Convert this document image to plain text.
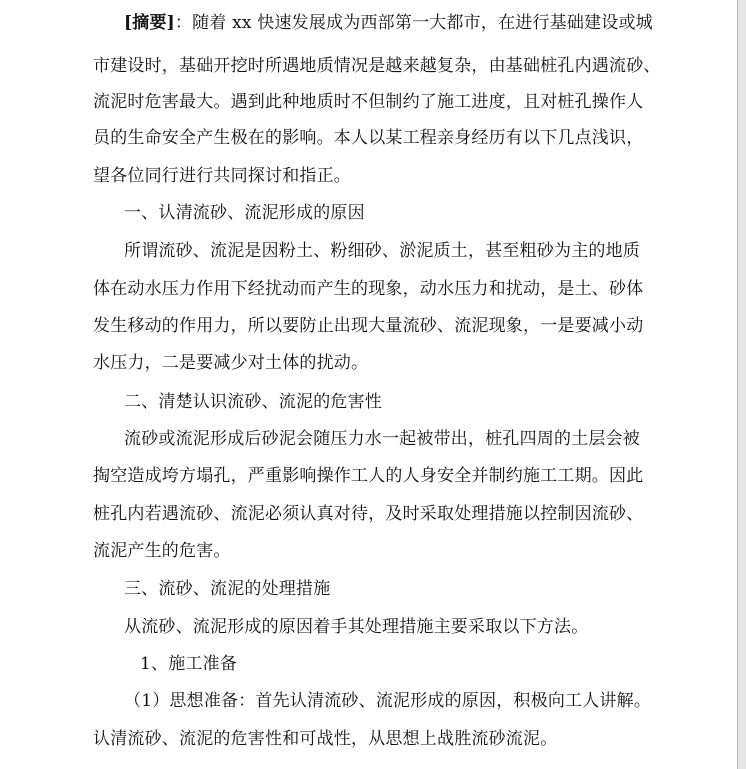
[摘要]：随着 xx 快速发展成为西部第一大都市，在进行基础建设或城
市建设时，基础开挖时所遇地质情况是越来越复杂，由基础桩孔内遇流砂、
流泥时危害最大。遇到此种地质时不但制约了施工进度，且对桩孔操作人
员的生命安全产生极在的影响。本人以某工程亲身经历有以下几点浅识，
望各位同行进行共同探讨和指正。
一、认清流砂、流泥形成的原因
所谓流砂、流泥是因粉土、粉细砂、淤泥质土，甚至粗砂为主的地质
体在动水压力作用下经扰动而产生的现象，动水压力和扰动，是土、砂体
发生移动的作用力，所以要防止出现大量流砂、流泥现象，一是要减小动
水压力，二是要减少对土体的扰动。
二、清楚认识流砂、流泥的危害性
流砂或流泥形成后砂泥会随压力水一起被带出，桩孔四周的土层会被
掏空造成垮方塌孔，严重影响操作工人的人身安全并制约施工工期。因此
桩孔内若遇流砂、流泥必须认真对待，及时采取处理措施以控制因流砂、
流泥产生的危害。
三、流砂、流泥的处理措施
从流砂、流泥形成的原因着手其处理措施主要采取以下方法。
1、施工准备
（1）思想准备：首先认清流砂、流泥形成的原因，积极向工人讲解。
认清流砂、流泥的危害性和可战性，从思想上战胜流砂流泥。
